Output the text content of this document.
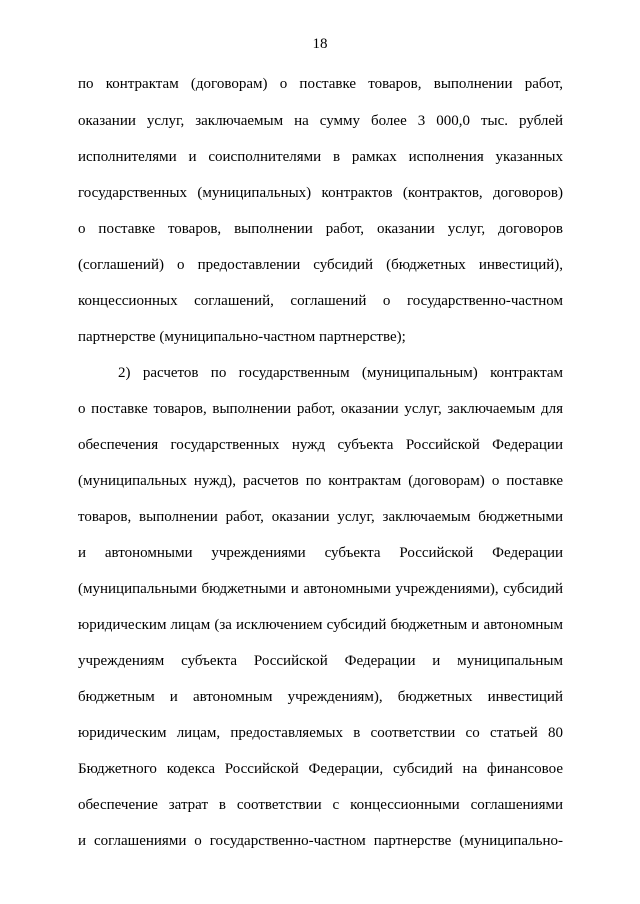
18
по контрактам (договорам) о поставке товаров, выполнении работ,
оказании услуг, заключаемым на сумму более 3 000,0 тыс. рублей
исполнителями и соисполнителями в рамках исполнения указанных
государственных (муниципальных) контрактов (контрактов, договоров)
о поставке товаров, выполнении работ, оказании услуг, договоров
(соглашений) о предоставлении субсидий (бюджетных инвестиций),
концессионных соглашений, соглашений о государственно-частном
партнерстве (муниципально-частном партнерстве);
2) расчетов по государственным (муниципальным) контрактам
о поставке товаров, выполнении работ, оказании услуг, заключаемым для
обеспечения государственных нужд субъекта Российской Федерации
(муниципальных нужд), расчетов по контрактам (договорам) о поставке
товаров, выполнении работ, оказании услуг, заключаемым бюджетными
и автономными учреждениями субъекта Российской Федерации
(муниципальными бюджетными и автономными учреждениями), субсидий
юридическим лицам (за исключением субсидий бюджетным и автономным
учреждениям субъекта Российской Федерации и муниципальным
бюджетным и автономным учреждениям), бюджетных инвестиций
юридическим лицам, предоставляемых в соответствии со статьей 80
Бюджетного кодекса Российской Федерации, субсидий на финансовое
обеспечение затрат в соответствии с концессионными соглашениями
и соглашениями о государственно-частном партнерстве (муниципально-
